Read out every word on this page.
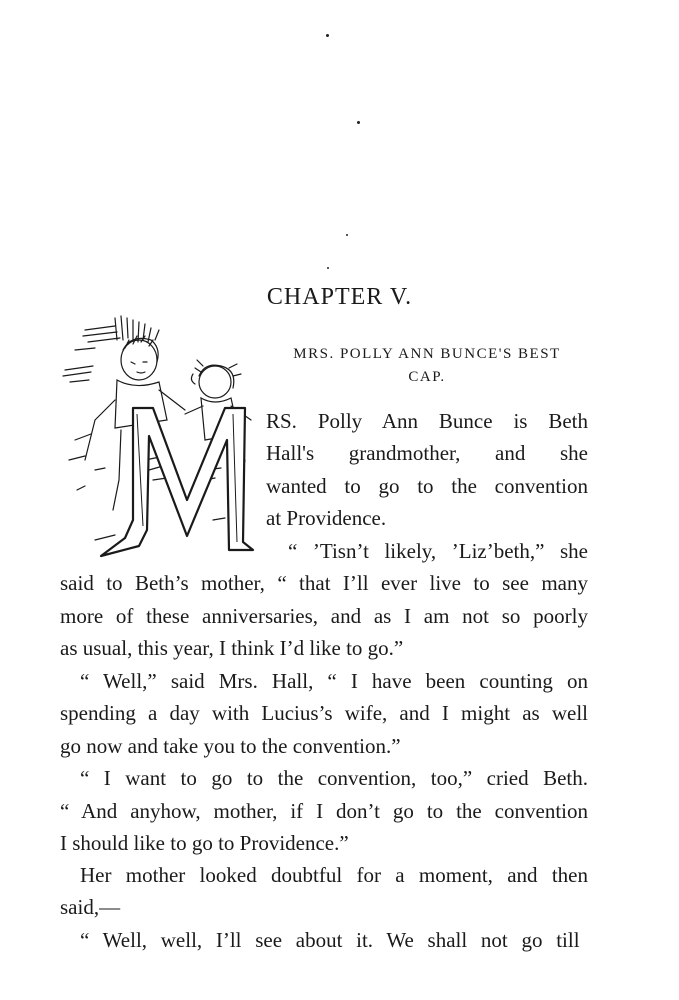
CHAPTER V.
MRS. POLLY ANN BUNCE'S BEST
CAP.
RS. Polly Ann Bunce is Beth
Hall's grandmother, and she
wanted to go to the convention
at Providence.
“ ’Tisn’t likely, ’Liz’beth,” she
said to Beth’s mother, “ that I’ll ever live to see many
more of these anniversaries, and as I am not so poorly
as usual, this year, I think I’d like to go.”
“ Well,” said Mrs. Hall, “ I have been counting on
spending a day with Lucius’s wife, and I might as well
go now and take you to the convention.”
“ I want to go to the convention, too,” cried Beth.
“ And anyhow, mother, if I don’t go to the convention
I should like to go to Providence.”
Her mother looked doubtful for a moment, and then
said,—
“ Well, well, I’ll see about it. We shall not go till
